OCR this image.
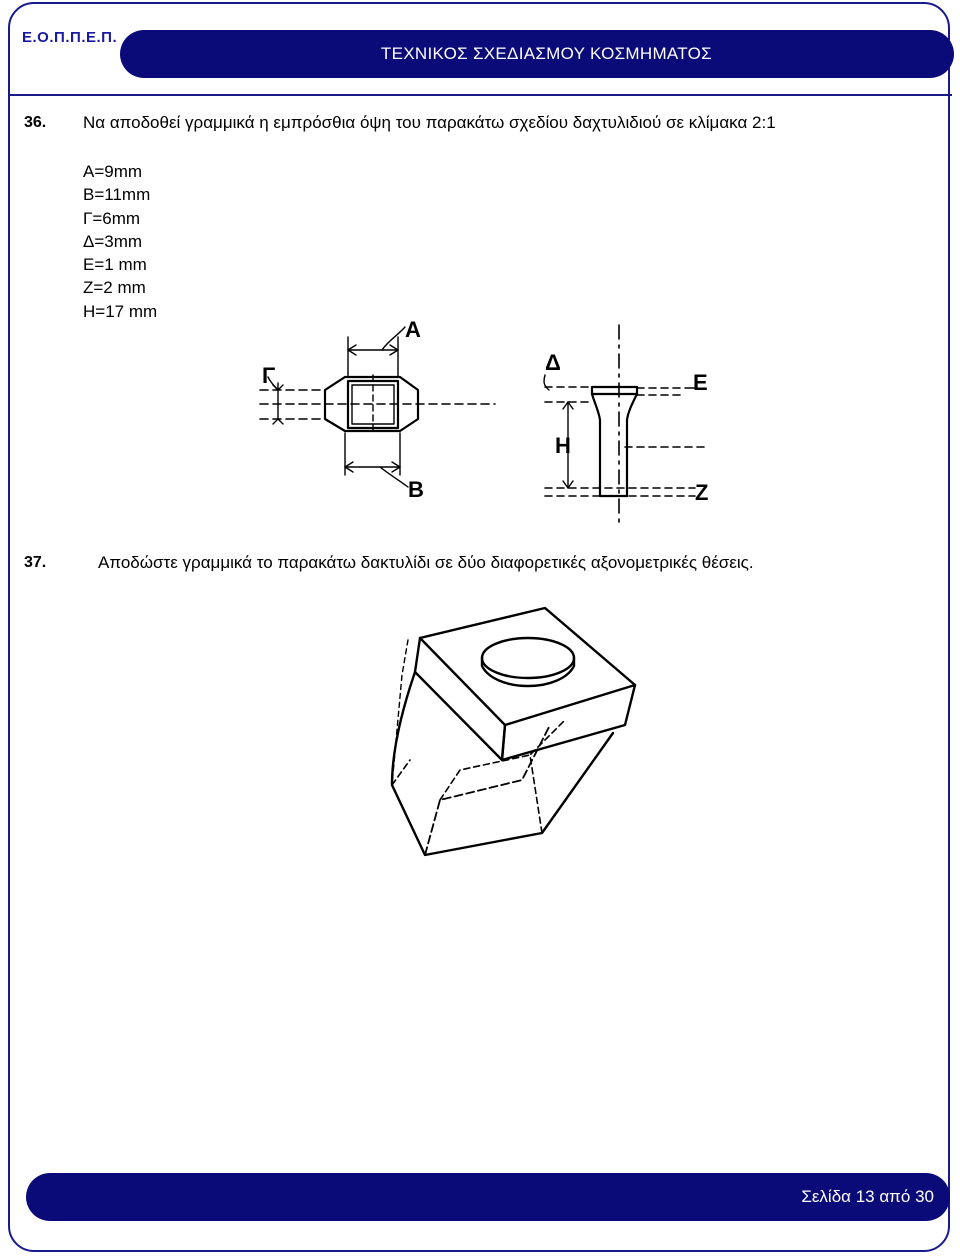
Ε.Ο.Π.Π.Ε.Π.
ΤΕΧΝΙΚΟΣ ΣΧΕΔΙΑΣΜΟΥ ΚΟΣΜΗΜΑΤΟΣ
36. Να αποδοθεί γραμμικά η εμπρόσθια όψη του παρακάτω σχεδίου δαχτυλιδιού σε κλίμακα 2:1
Α=9mm
Β=11mm
Γ=6mm
Δ=3mm
Ε=1 mm
Ζ=2 mm
Η=17 mm
Α
Β
Γ
Δ
Ε
Η
Ζ
37.	Αποδώστε γραμμικά το παρακάτω δακτυλίδι σε δύο διαφορετικές αξονομετρικές θέσεις.
Σελίδα 13 από 30
